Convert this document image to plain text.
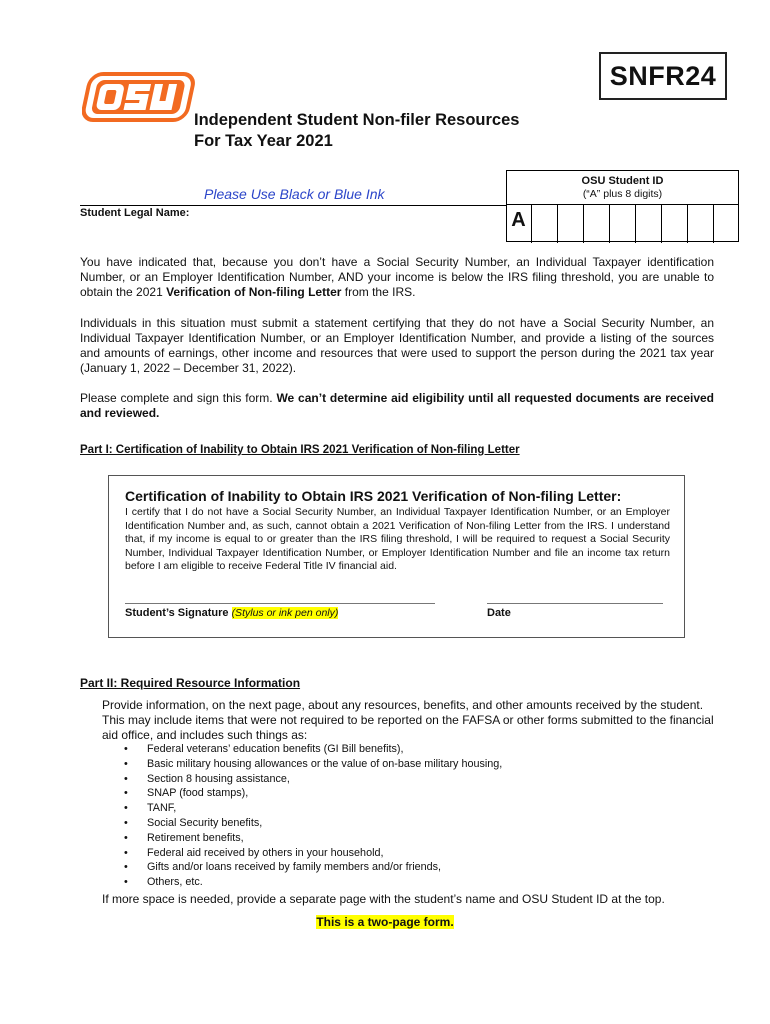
SNFR24
Independent Student Non-filer Resources
For Tax Year 2021
Please Use Black or Blue Ink
Student Legal Name:
OSU Student ID
(“A” plus 8 digits)
A
You have indicated that, because you don’t have a Social Security Number, an Individual Taxpayer identification Number, or an Employer Identification Number, AND your income is below the IRS filing threshold, you are unable to obtain the 2021 Verification of Non-filing Letter from the IRS.
Individuals in this situation must submit a statement certifying that they do not have a Social Security Number, an Individual Taxpayer Identification Number, or an Employer Identification Number, and provide a listing of the sources and amounts of earnings, other income and resources that were used to support the person during the 2021 tax year (January 1, 2022 – December 31, 2022).
Please complete and sign this form. We can’t determine aid eligibility until all requested documents are received and reviewed.
Part I: Certification of Inability to Obtain IRS 2021 Verification of Non-filing Letter
Certification of Inability to Obtain IRS 2021 Verification of Non-filing Letter:
I certify that I do not have a Social Security Number, an Individual Taxpayer Identification Number, or an Employer Identification Number and, as such, cannot obtain a 2021 Verification of Non-filing Letter from the IRS. I understand that, if my income is equal to or greater than the IRS filing threshold, I will be required to request a Social Security Number, Individual Taxpayer Identification Number, or Employer Identification Number and file an income tax return before I am eligible to receive Federal Title IV financial aid.
Student’s Signature (Stylus or ink pen only)	Date
Part II: Required Resource Information
Provide information, on the next page, about any resources, benefits, and other amounts received by the student. This may include items that were not required to be reported on the FAFSA or other forms submitted to the financial aid office, and includes such things as:
• Federal veterans’ education benefits (GI Bill benefits),
• Basic military housing allowances or the value of on-base military housing,
• Section 8 housing assistance,
• SNAP (food stamps),
• TANF,
• Social Security benefits,
• Retirement benefits,
• Federal aid received by others in your household,
• Gifts and/or loans received by family members and/or friends,
• Others, etc.
If more space is needed, provide a separate page with the student’s name and OSU Student ID at the top.
This is a two-page form.
